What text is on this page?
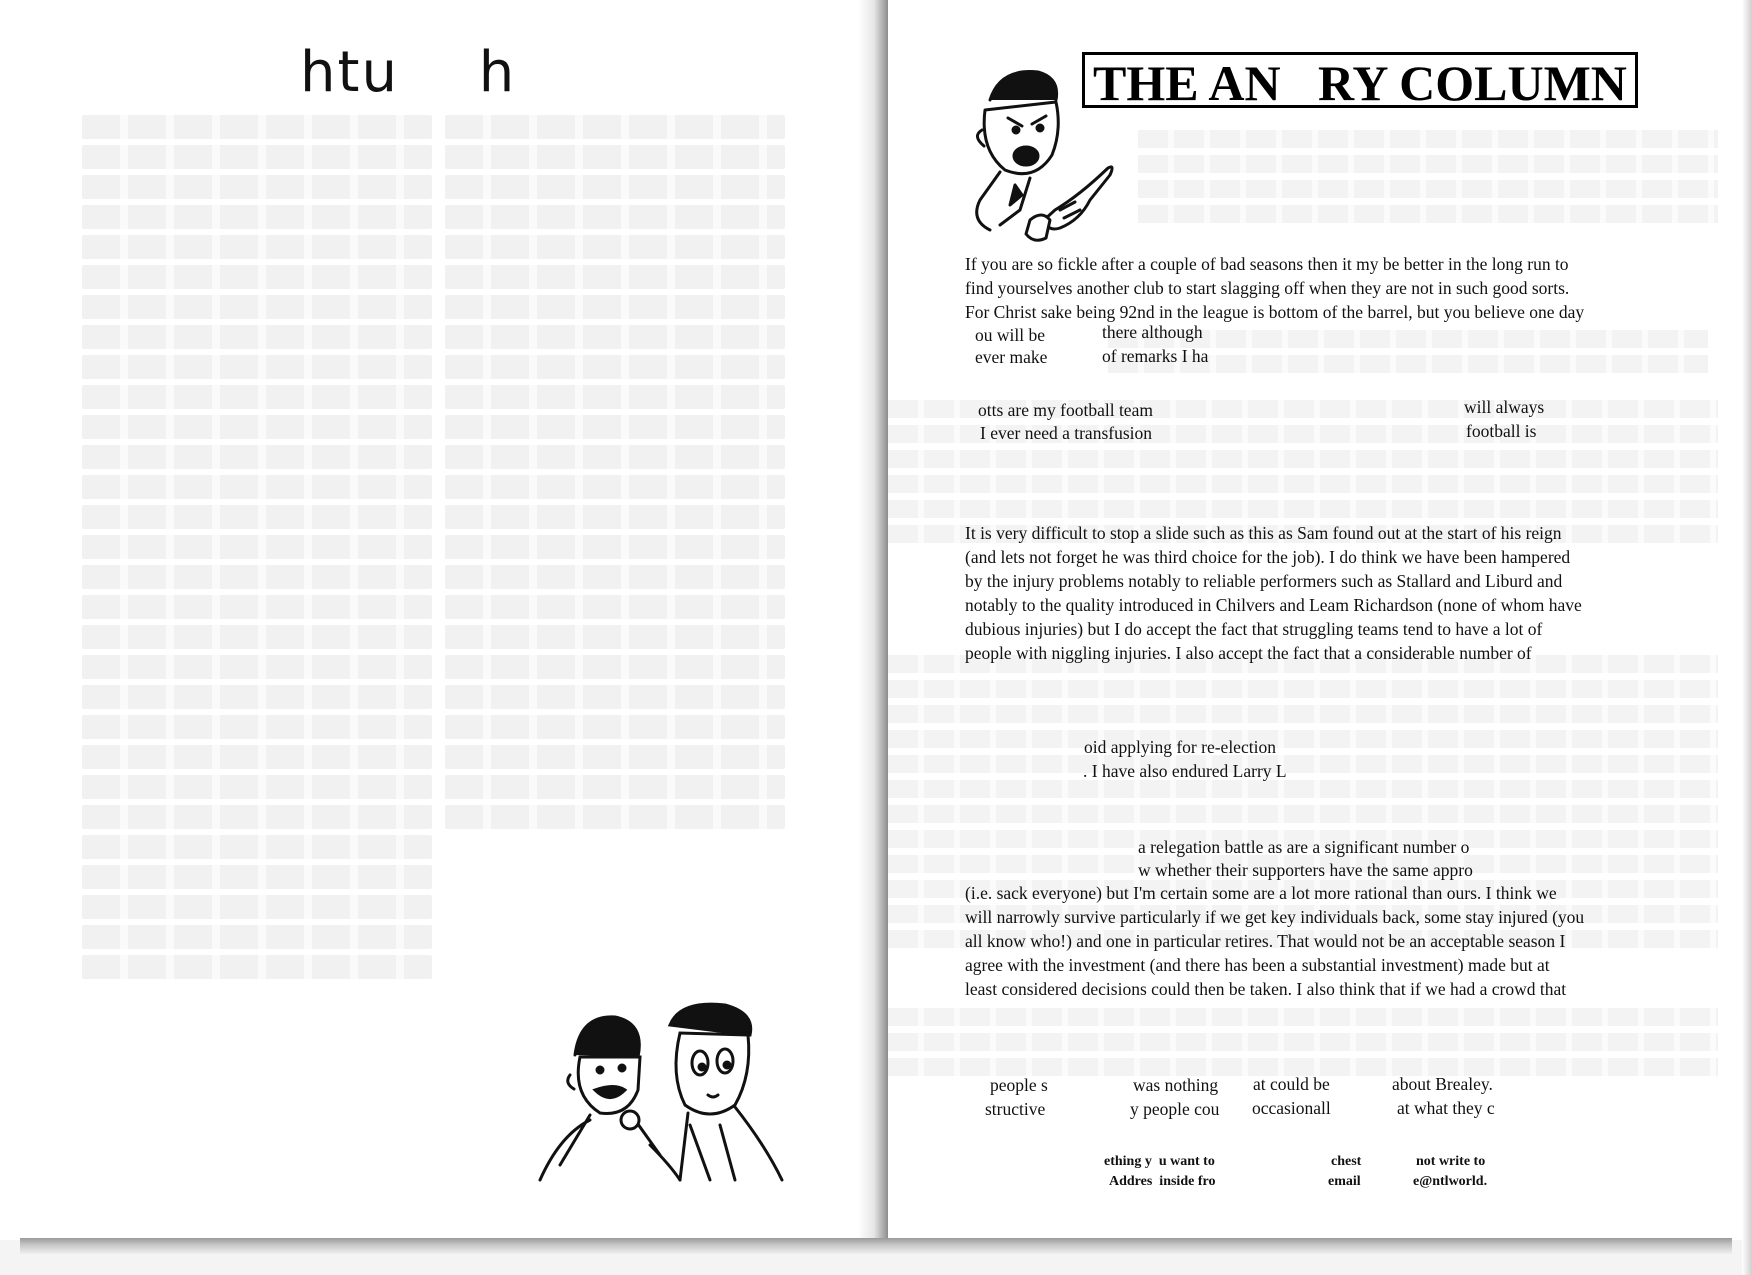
htu h	THE AN   RY COLUMN

If you are so fickle after a couple of bad seasons then it my be better in the long run to

find yourselves another club to start slagging off when they are not in such good sorts.

For Christ sake being 92nd in the league is bottom of the barrel, but you believe one day

ou will be	there although
ever make	of remarks I ha
otts are my football team
I ever need a transfusion
will always
football is

It is very difficult to stop a slide such as this as Sam found out at the start of his reign

(and lets not forget he was third choice for the job). I do think we have been hampered

by the injury problems notably to reliable performers such as Stallard and Liburd and

notably to the quality introduced in Chilvers and Leam Richardson (none of whom have

dubious injuries) but I do accept the fact that struggling teams tend to have a lot of

people with niggling injuries. I also accept the fact that a considerable number of

oid applying for re-election
. I have also endured Larry L
a relegation battle as are a significant number o
w whether their supporters have the same appro

(i.e. sack everyone) but I'm certain some are a lot more rational than ours. I think we

will narrowly survive particularly if we get key individuals back, some stay injured (you

all know who!) and one in particular retires. That would not be an acceptable season I

agree with the investment (and there has been a substantial investment) made but at

least considered decisions could then be taken. I also think that if we had a crowd that

people s
structive
was nothing
y people cou
at could be
occasionall
about Brealey.
at what they c
ething y  u want to
Addres  inside fro
chest
email
not write to
e@ntlworld.
